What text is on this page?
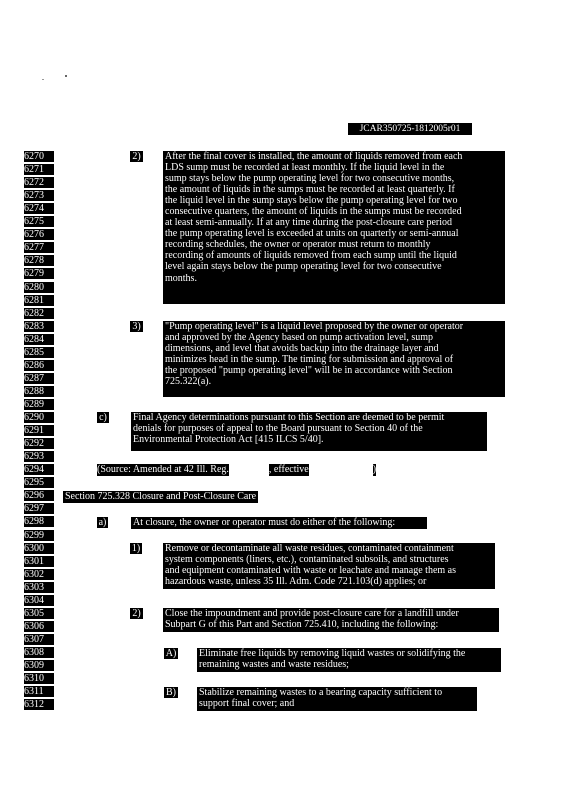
JCAR350725-1812005r01
6270
6271
6272
6273
6274
6275
6276
6277
6278
6279
6280
6281
6282
6283
6284
6285
6286
6287
6288
6289
6290
6291
6292
6293
6294
6295
6296
6297
6298
6299
6300
6301
6302
6303
6304
6305
6306
6307
6308
6309
6310
6311
6312
2) After the final cover is installed, the amount of liquids removed from each

LDS sump must be recorded at least monthly. If the liquid level in the

sump stays below the pump operating level for two consecutive months,

the amount of liquids in the sumps must be recorded at least quarterly. If

the liquid level in the sump stays below the pump operating level for two

consecutive quarters, the amount of liquids in the sumps must be recorded

at least semi-annually. If at any time during the post-closure care period

the pump operating level is exceeded at units on quarterly or semi-annual

recording schedules, the owner or operator must return to monthly

recording of amounts of liquids removed from each sump until the liquid

level again stays below the pump operating level for two consecutive

months.

3) "Pump operating level" is a liquid level proposed by the owner or operator

and approved by the Agency based on pump activation level, sump

dimensions, and level that avoids backup into the drainage layer and

minimizes head in the sump. The timing for submission and approval of

the proposed "pump operating level" will be in accordance with Section

725.322(a).

c)	Final Agency determinations pursuant to this Section are deemed to be permit

denials for purposes of appeal to the Board pursuant to Section 40 of the

Environmental Protection Act [415 ILCS 5/40].

(Source: Amended at 42 Ill. Reg.	, effective	)
Section 725.328 Closure and Post-Closure Care
a)	At closure, the owner or operator must do either of the following:

1) Remove or decontaminate all waste residues, contaminated containment

system components (liners, etc.), contaminated subsoils, and structures

and equipment contaminated with waste or leachate and manage them as

hazardous waste, unless 35 Ill. Adm. Code 721.103(d) applies; or

2) Close the impoundment and provide post-closure care for a landfill under

Subpart G of this Part and Section 725.410, including the following:

A) Eliminate free liquids by removing liquid wastes or solidifying the

remaining wastes and waste residues;

B) Stabilize remaining wastes to a bearing capacity sufficient to

support final cover; and
